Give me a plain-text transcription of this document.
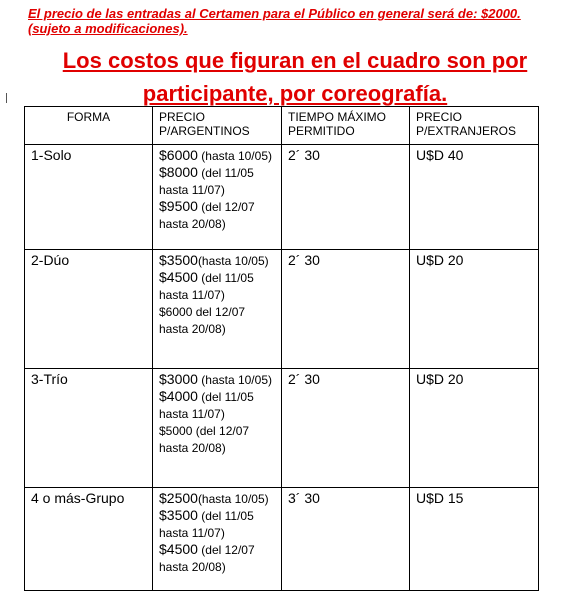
El precio de las entradas al Certamen para el Público en general será de: $2000. (sujeto a modificaciones).
Los costos que figuran en el cuadro son por participante, por coreografía.
FORMA	PRECIO P/ARGENTINOS	TIEMPO MÁXIMO PERMITIDO	PRECIO P/EXTRANJEROS
1-Solo	$6000 (hasta 10/05)
$8000 (del 11/05 hasta 11/07)
$9500 (del 12/07 hasta 20/08)	2´ 30	U$D 40
2-Dúo	$3500(hasta 10/05)
$4500 (del 11/05 hasta 11/07)
$6000 del 12/07 hasta 20/08)	2´ 30	U$D 20
3-Trío	$3000 (hasta 10/05)
$4000 (del 11/05 hasta 11/07)
$5000 (del 12/07 hasta 20/08)	2´ 30	U$D 20
4 o más-Grupo	$2500(hasta 10/05)
$3500 (del 11/05 hasta 11/07)
$4500 (del 12/07 hasta 20/08)	3´ 30	U$D 15
